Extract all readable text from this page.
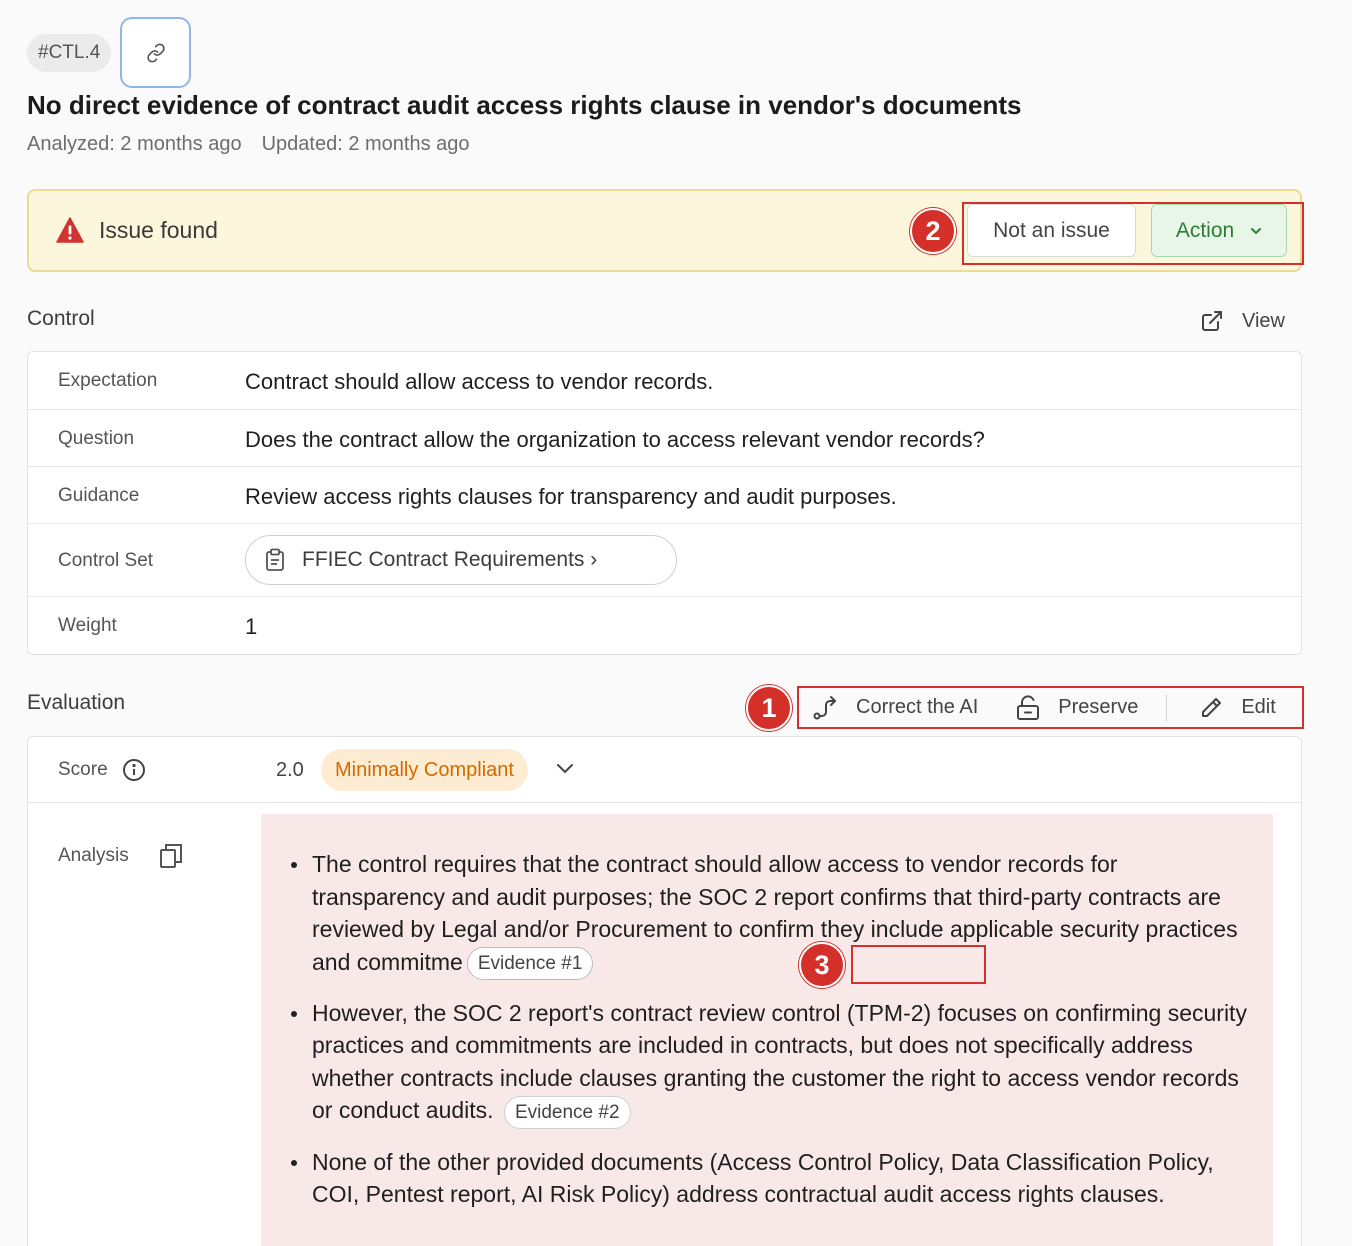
#CTL.4
No direct evidence of contract audit access rights clause in vendor's documents
Analyzed: 2 months ago Updated: 2 months ago
Issue found	2	Not an issue	Action
Control	View
Expectation	Contract should allow access to vendor records.
Question	Does the contract allow the organization to access relevant vendor records?
Guidance	Review access rights clauses for transparency and audit purposes.
Control Set	FFIEC Contract Requirements ›
Weight	1
Evaluation	1	Correct the AI	Preserve	Edit
Score	2.0	Minimally Compliant
Analysis	The control requires that the contract should allow access to vendor records for transparency and audit purposes; the SOC 2 report confirms that third-party contracts are reviewed by Legal and/or Procurement to confirm they include applicable security practices and commitme Evidence #1
However, the SOC 2 report's contract review control (TPM-2) focuses on confirming security practices and commitments are included in contracts, but does not specifically address whether contracts include clauses granting the customer the right to access vendor records or conduct audits. Evidence #2
None of the other provided documents (Access Control Policy, Data Classification Policy, COI, Pentest report, AI Risk Policy) address contractual audit access rights clauses.
3
